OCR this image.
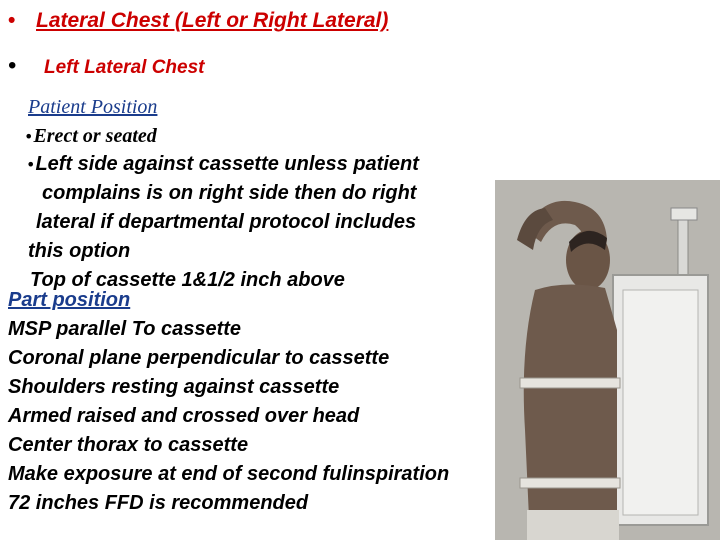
• Lateral Chest (Left or Right Lateral)
• Left Lateral Chest
Patient Position
•Erect or seated
•Left side against cassette unless patient
complains is on right side then do right
lateral if departmental protocol includes
this option
Top of cassette 1&1/2 inch above
Part position
MSP parallel To cassette
Coronal plane perpendicular to cassette
Shoulders resting against cassette
Armed raised and crossed over head
Center thorax to cassette
Make exposure at end of second fulinspiration
72 inches FFD is recommended
